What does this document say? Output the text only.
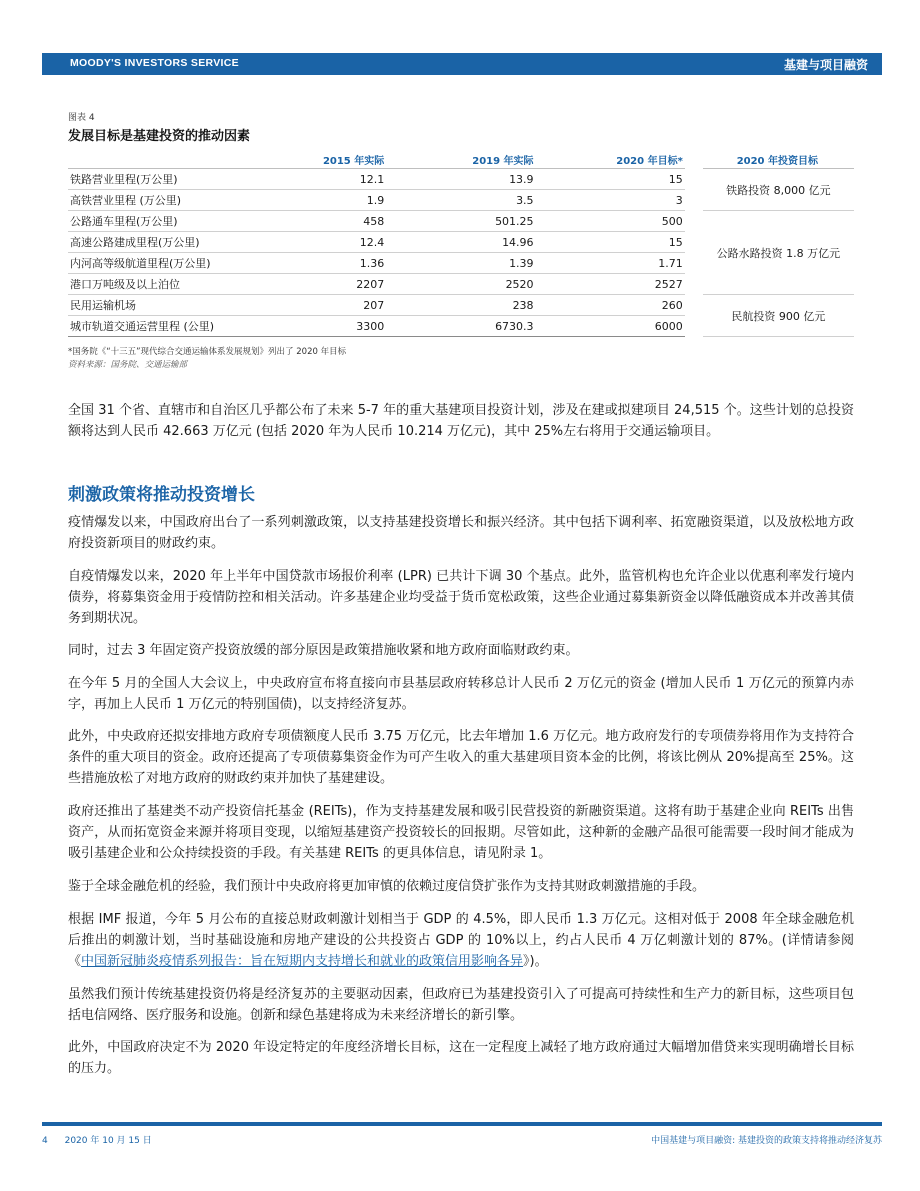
MOODY'S INVESTORS SERVICE	基建与项目融资
图表 4
发展目标是基建投资的推动因素
	2015 年实际	2019 年实际	2020 年目标*		2020 年投资目标
铁路营业里程(万公里)	12.1	13.9	15		铁路投资 8,000 亿元
高铁营业里程 (万公里)	1.9	3.5	3		
公路通车里程(万公里)	458	501.25	500		公路水路投资 1.8 万亿元
高速公路建成里程(万公里)	12.4	14.96	15		
内河高等级航道里程(万公里)	1.36	1.39	1.71		
港口万吨级及以上泊位	2207	2520	2527		
民用运输机场	207	238	260		民航投资 900 亿元
城市轨道交通运营里程 (公里)	3300	6730.3	6000		
*国务院《“十三五”现代综合交通运输体系发展规划》列出了 2020 年目标
资料来源：国务院、交通运输部

全国 31 个省、直辖市和自治区几乎都公布了未来 5-7 年的重大基建项目投资计划，涉及在建或拟建项目 24,515 个。这些计划的总投资额将达到人民币 42.663 万亿元 (包括 2020 年为人民币 10.214 万亿元)，其中 25%左右将用于交通运输项目。

刺激政策将推动投资增长

疫情爆发以来，中国政府出台了一系列刺激政策，以支持基建投资增长和振兴经济。其中包括下调利率、拓宽融资渠道，以及放松地方政府投资新项目的财政约束。

自疫情爆发以来，2020 年上半年中国贷款市场报价利率 (LPR) 已共计下调 30 个基点。此外，监管机构也允许企业以优惠利率发行境内债券，将募集资金用于疫情防控和相关活动。许多基建企业均受益于货币宽松政策，这些企业通过募集新资金以降低融资成本并改善其债务到期状况。

同时，过去 3 年固定资产投资放缓的部分原因是政策措施收紧和地方政府面临财政约束。

在今年 5 月的全国人大会议上，中央政府宣布将直接向市县基层政府转移总计人民币 2 万亿元的资金 (增加人民币 1 万亿元的预算内赤字，再加上人民币 1 万亿元的特别国债)，以支持经济复苏。

此外，中央政府还拟安排地方政府专项债额度人民币 3.75 万亿元，比去年增加 1.6 万亿元。地方政府发行的专项债券将用作为支持符合条件的重大项目的资金。政府还提高了专项债募集资金作为可产生收入的重大基建项目资本金的比例，将该比例从 20%提高至 25%。这些措施放松了对地方政府的财政约束并加快了基建建设。

政府还推出了基建类不动产投资信托基金 (REITs)，作为支持基建发展和吸引民营投资的新融资渠道。这将有助于基建企业向 REITs 出售资产，从而拓宽资金来源并将项目变现，以缩短基建资产投资较长的回报期。尽管如此，这种新的金融产品很可能需要一段时间才能成为吸引基建企业和公众持续投资的手段。有关基建 REITs 的更具体信息，请见附录 1。

鉴于全球金融危机的经验，我们预计中央政府将更加审慎的依赖过度信贷扩张作为支持其财政刺激措施的手段。

根据 IMF 报道，今年 5 月公布的直接总财政刺激计划相当于 GDP 的 4.5%，即人民币 1.3 万亿元。这相对低于 2008 年全球金融危机后推出的刺激计划，当时基础设施和房地产建设的公共投资占 GDP 的 10%以上，约占人民币 4 万亿刺激计划的 87%。(详情请参阅《中国新冠肺炎疫情系列报告：旨在短期内支持增长和就业的政策信用影响各异》)。

虽然我们预计传统基建投资仍将是经济复苏的主要驱动因素，但政府已为基建投资引入了可提高可持续性和生产力的新目标，这些项目包括电信网络、医疗服务和设施。创新和绿色基建将成为未来经济增长的新引擎。

此外，中国政府决定不为 2020 年设定特定的年度经济增长目标，这在一定程度上减轻了地方政府通过大幅增加借贷来实现明确增长目标的压力。

4 2020 年 10 月 15 日	中国基建与项目融资: 基建投资的政策支持将推动经济复苏
